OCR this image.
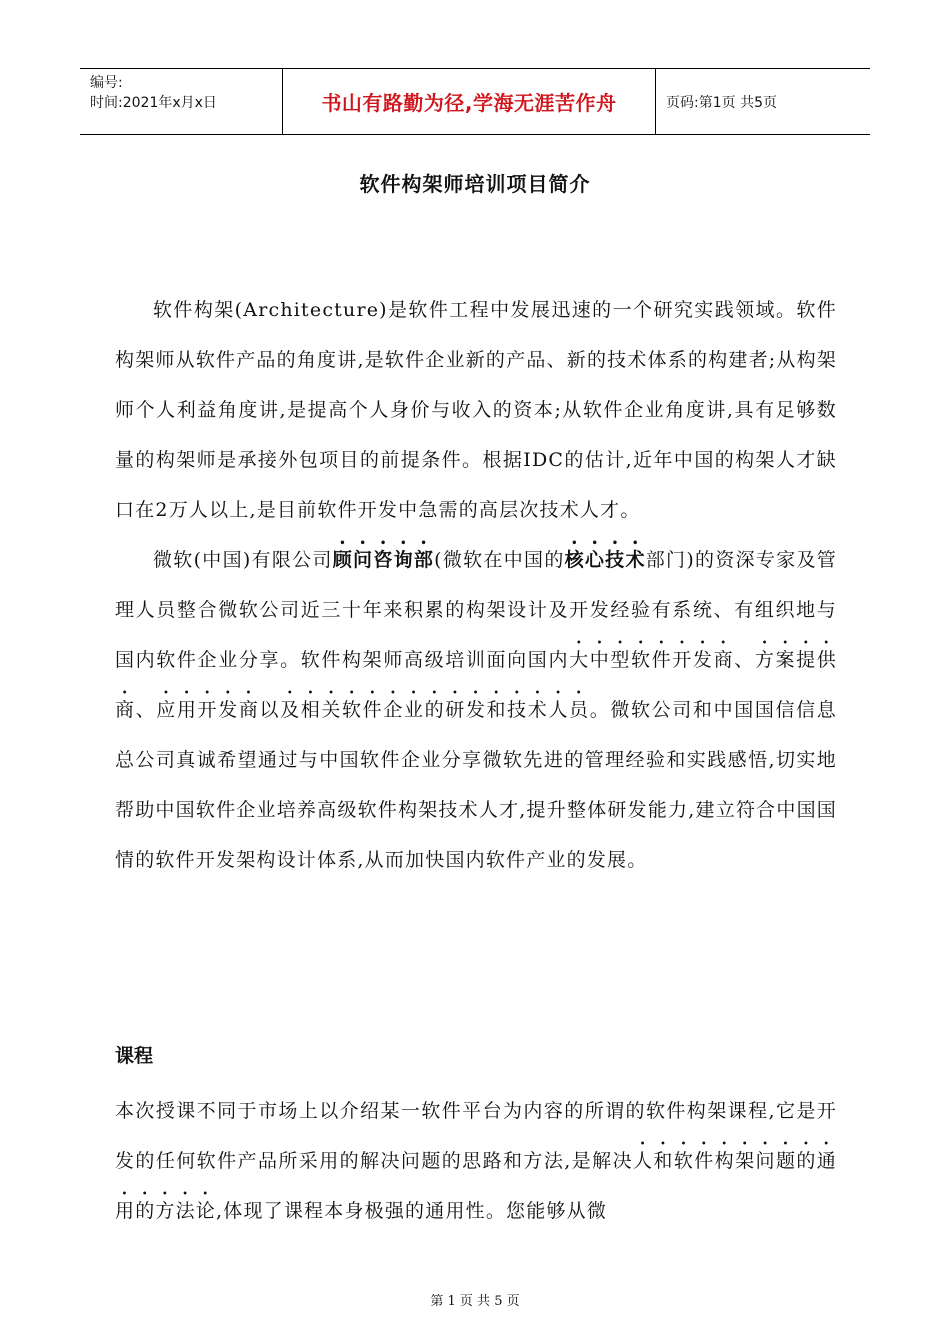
编号:
时间:2021年x月x日	书山有路勤为径,学海无涯苦作舟	页码:第1页 共5页
软件构架师培训项目简介

软件构架(Architecture)是软件工程中发展迅速的一个研究实践领域。软件构架师从软件产品的角度讲,是软件企业新的产品、新的技术体系的构建者;从构架师个人利益角度讲,是提高个人身价与收入的资本;从软件企业角度讲,具有足够数量的构架师是承接外包项目的前提条件。根据IDC的估计,近年中国的构架人才缺口在2万人以上,是目前软件开发中急需的高层次技术人才。

微软(中国)有限公司顾问咨询部(微软在中国的核心技术部门)的资深专家及管理人员整合微软公司近三十年来积累的构架设计及开发经验有系统、有组织地与国内软件企业分享。软件构架师高级培训面向国内大中型软件开发商、方案提供商、应用开发商以及相关软件企业的研发和技术人员。微软公司和中国国信信息总公司真诚希望通过与中国软件企业分享微软先进的管理经验和实践感悟,切实地帮助中国软件企业培养高级软件构架技术人才,提升整体研发能力,建立符合中国国情的软件开发架构设计体系,从而加快国内软件产业的发展。

课程

本次授课不同于市场上以介绍某一软件平台为内容的所谓的软件构架课程,它是开发的任何软件产品所采用的解决问题的思路和方法,是解决人和软件构架问题的通用的方法论,体现了课程本身极强的通用性。您能够从微

第 1 页 共 5 页
